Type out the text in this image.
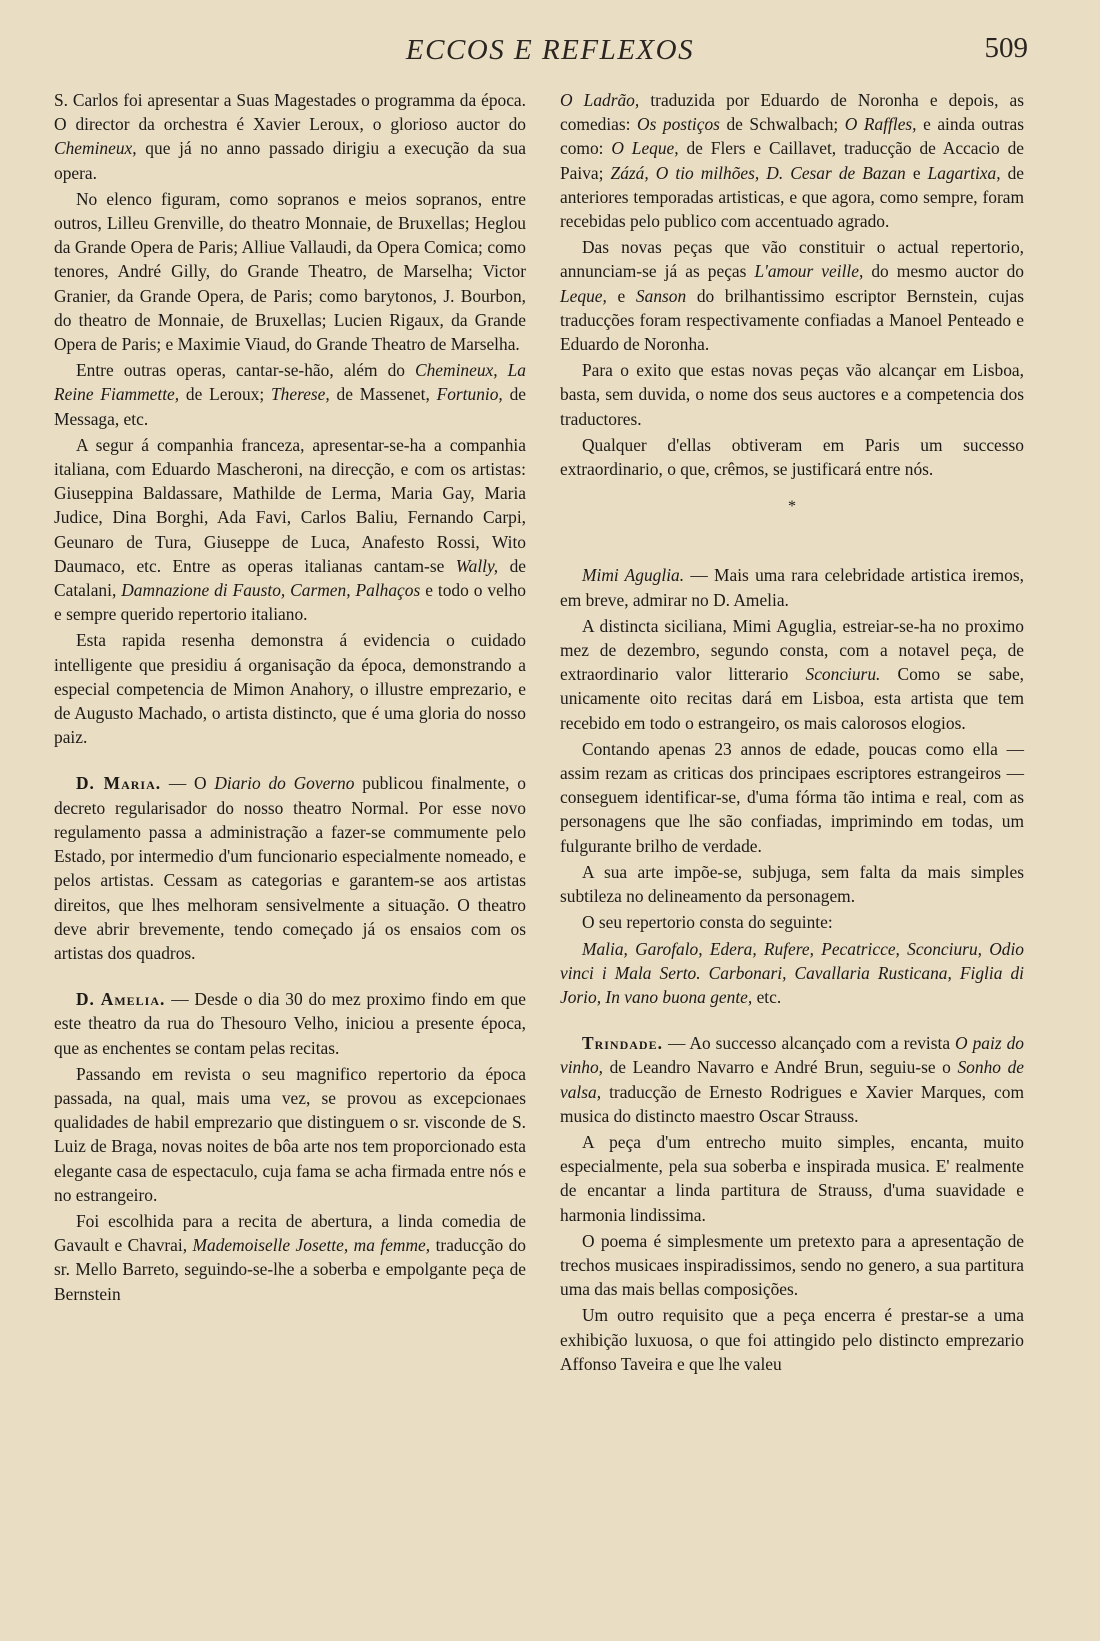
ECCOS E REFLEXOS	509

S. Carlos foi apresentar a Suas Magestades o programma da época. O director da orchestra é Xavier Leroux, o glorioso auctor do Chemineux, que já no anno passado dirigiu a execução da sua opera.

No elenco figuram, como sopranos e meios sopranos, entre outros, Lilleu Grenville, do theatro Monnaie, de Bruxellas; Heglou da Grande Opera de Paris; Alliue Vallaudi, da Opera Comica; como tenores, André Gilly, do Grande Theatro, de Marselha; Victor Granier, da Grande Opera, de Paris; como barytonos, J. Bourbon, do theatro de Monnaie, de Bruxellas; Lucien Rigaux, da Grande Opera de Paris; e Maximie Viaud, do Grande Theatro de Marselha.

Entre outras operas, cantar-se-hão, além do Chemineux, La Reine Fiammette, de Leroux; Therese, de Massenet, Fortunio, de Messaga, etc.

A segur á companhia franceza, apresentar-se-ha a companhia italiana, com Eduardo Mascheroni, na direcção, e com os artistas: Giuseppina Baldassare, Mathilde de Lerma, Maria Gay, Maria Judice, Dina Borghi, Ada Favi, Carlos Baliu, Fernando Carpi, Geunaro de Tura, Giuseppe de Luca, Anafesto Rossi, Wito Daumaco, etc. Entre as operas italianas cantam-se Wally, de Catalani, Damnazione di Fausto, Carmen, Palhaços e todo o velho e sempre querido repertorio italiano.

Esta rapida resenha demonstra á evidencia o cuidado intelligente que presidiu á organisação da época, demonstrando a especial competencia de Mimon Anahory, o illustre emprezario, e de Augusto Machado, o artista distincto, que é uma gloria do nosso paiz.

D. Maria. — O Diario do Governo publicou finalmente, o decreto regularisador do nosso theatro Normal. Por esse novo regulamento passa a administração a fazer-se commumente pelo Estado, por intermedio d'um funcionario especialmente nomeado, e pelos artistas. Cessam as categorias e garantem-se aos artistas direitos, que lhes melhoram sensivelmente a situação. O theatro deve abrir brevemente, tendo começado já os ensaios com os artistas dos quadros.

D. Amelia. — Desde o dia 30 do mez proximo findo em que este theatro da rua do Thesouro Velho, iniciou a presente época, que as enchentes se contam pelas recitas.

Passando em revista o seu magnifico repertorio da época passada, na qual, mais uma vez, se provou as excepcionaes qualidades de habil emprezario que distinguem o sr. visconde de S. Luiz de Braga, novas noites de bôa arte nos tem proporcionado esta elegante casa de espectaculo, cuja fama se acha firmada entre nós e no estrangeiro.

Foi escolhida para a recita de abertura, a linda comedia de Gavault e Chavrai, Mademoiselle Josette, ma femme, traducção do sr. Mello Barreto, seguindo-se-lhe a soberba e empolgante peça de Bernstein

O Ladrão, traduzida por Eduardo de Noronha e depois, as comedias: Os postiços de Schwalbach; O Raffles, e ainda outras como: O Leque, de Flers e Caillavet, traducção de Accacio de Paiva; Zázá, O tio milhões, D. Cesar de Bazan e Lagartixa, de anteriores temporadas artisticas, e que agora, como sempre, foram recebidas pelo publico com accentuado agrado.

Das novas peças que vão constituir o actual repertorio, annunciam-se já as peças L'amour veille, do mesmo auctor do Leque, e Sanson do brilhantissimo escriptor Bernstein, cujas traducções foram respectivamente confiadas a Manoel Penteado e Eduardo de Noronha.

Para o exito que estas novas peças vão alcançar em Lisboa, basta, sem duvida, o nome dos seus auctores e a competencia dos traductores.

Qualquer d'ellas obtiveram em Paris um successo extraordinario, o que, crêmos, se justificará entre nós.

*

Mimi Aguglia. — Mais uma rara celebridade artistica iremos, em breve, admirar no D. Amelia.

A distincta siciliana, Mimi Aguglia, estreiar-se-ha no proximo mez de dezembro, segundo consta, com a notavel peça, de extraordinario valor litterario Sconciuru. Como se sabe, unicamente oito recitas dará em Lisboa, esta artista que tem recebido em todo o estrangeiro, os mais calorosos elogios.

Contando apenas 23 annos de edade, poucas como ella — assim rezam as criticas dos principaes escriptores estrangeiros — conseguem identificar-se, d'uma fórma tão intima e real, com as personagens que lhe são confiadas, imprimindo em todas, um fulgurante brilho de verdade.

A sua arte impõe-se, subjuga, sem falta da mais simples subtileza no delineamento da personagem.

O seu repertorio consta do seguinte:

Malia, Garofalo, Edera, Rufere, Pecatricce, Sconciuru, Odio vinci i Mala Serto. Carbonari, Cavallaria Rusticana, Figlia di Jorio, In vano buona gente, etc.

Trindade. — Ao successo alcançado com a revista O paiz do vinho, de Leandro Navarro e André Brun, seguiu-se o Sonho de valsa, traducção de Ernesto Rodrigues e Xavier Marques, com musica do distincto maestro Oscar Strauss.

A peça d'um entrecho muito simples, encanta, muito especialmente, pela sua soberba e inspirada musica. E' realmente de encantar a linda partitura de Strauss, d'uma suavidade e harmonia lindissima.

O poema é simplesmente um pretexto para a apresentação de trechos musicaes inspiradissimos, sendo no genero, a sua partitura uma das mais bellas composições.

Um outro requisito que a peça encerra é prestar-se a uma exhibição luxuosa, o que foi attingido pelo distincto emprezario Affonso Taveira e que lhe valeu
